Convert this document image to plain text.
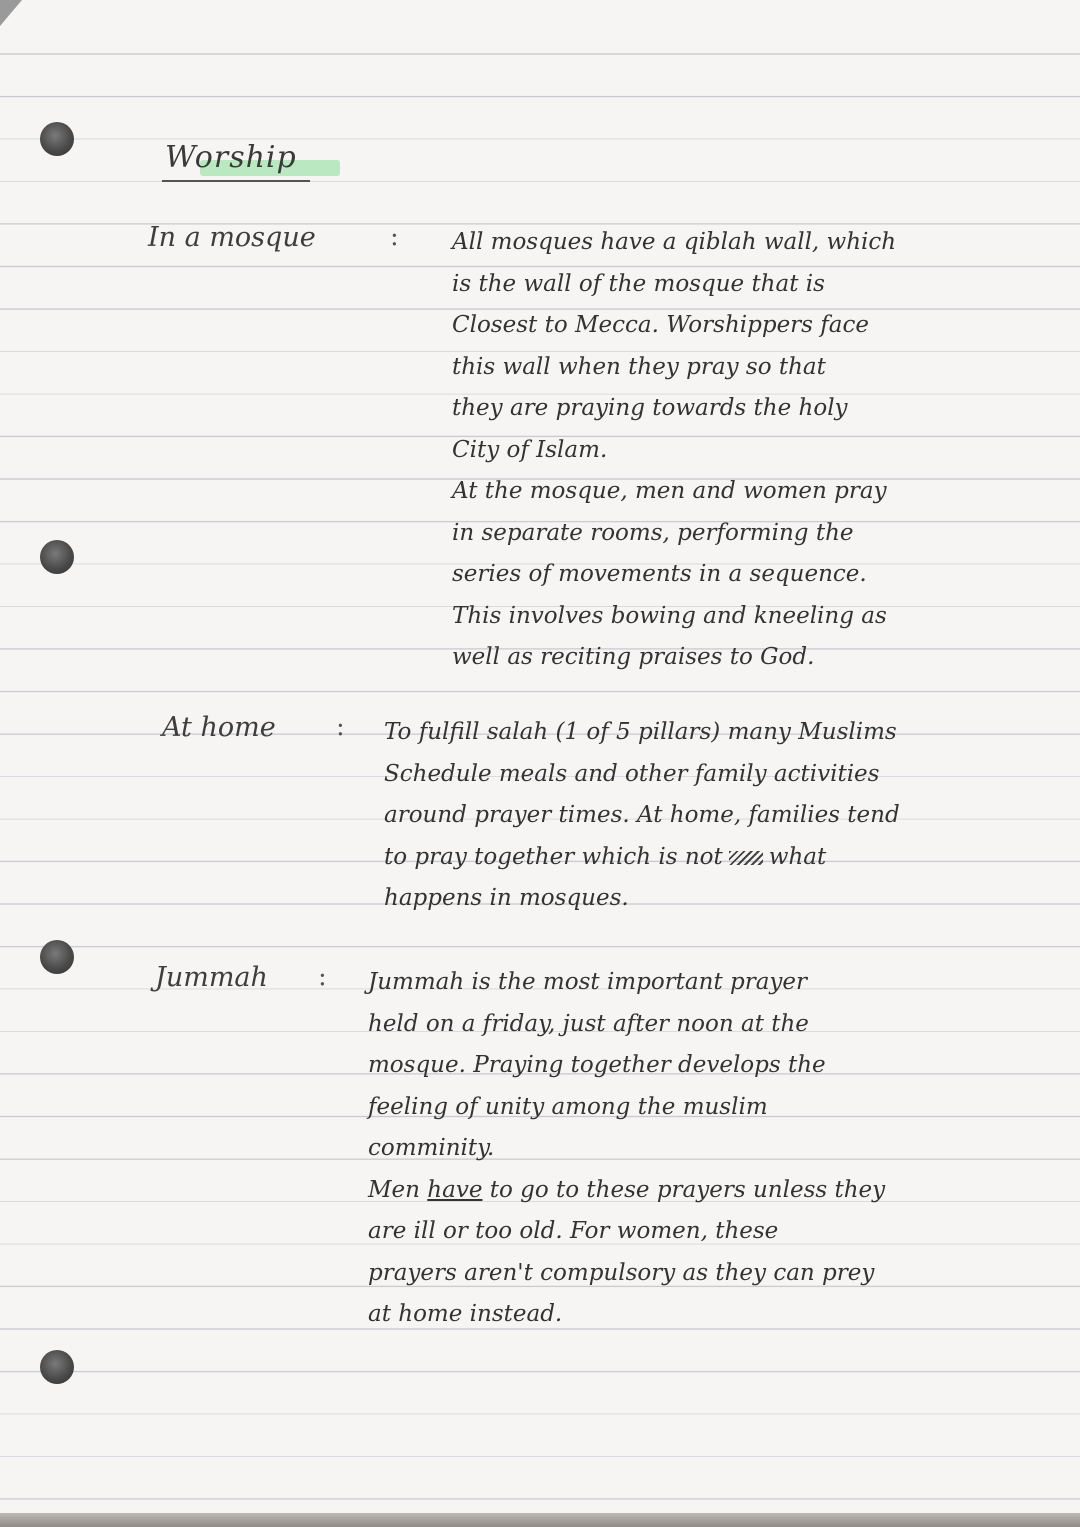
Worship
In a mosque	: All mosques have a qiblah wall, which
is the wall of the mosque that is
Closest to Mecca. Worshippers face
this wall when they pray so that
they are praying towards the holy
City of Islam.
At the mosque, men and women pray
in separate rooms, performing the
series of movements in a sequence.
This involves bowing and kneeling as
well as reciting praises to God.
At home : To fulfill salah (1 of 5 pillars) many Muslims
Schedule meals and other family activities
around prayer times. At home, families tend
to pray together which is not what
happens in mosques.
Jummah : Jummah is the most important prayer
held on a friday, just after noon at the
mosque. Praying together develops the
feeling of unity among the muslim
comminity.
Men have to go to these prayers unless they
are ill or too old. For women, these
prayers aren't compulsory as they can prey
at home instead.
